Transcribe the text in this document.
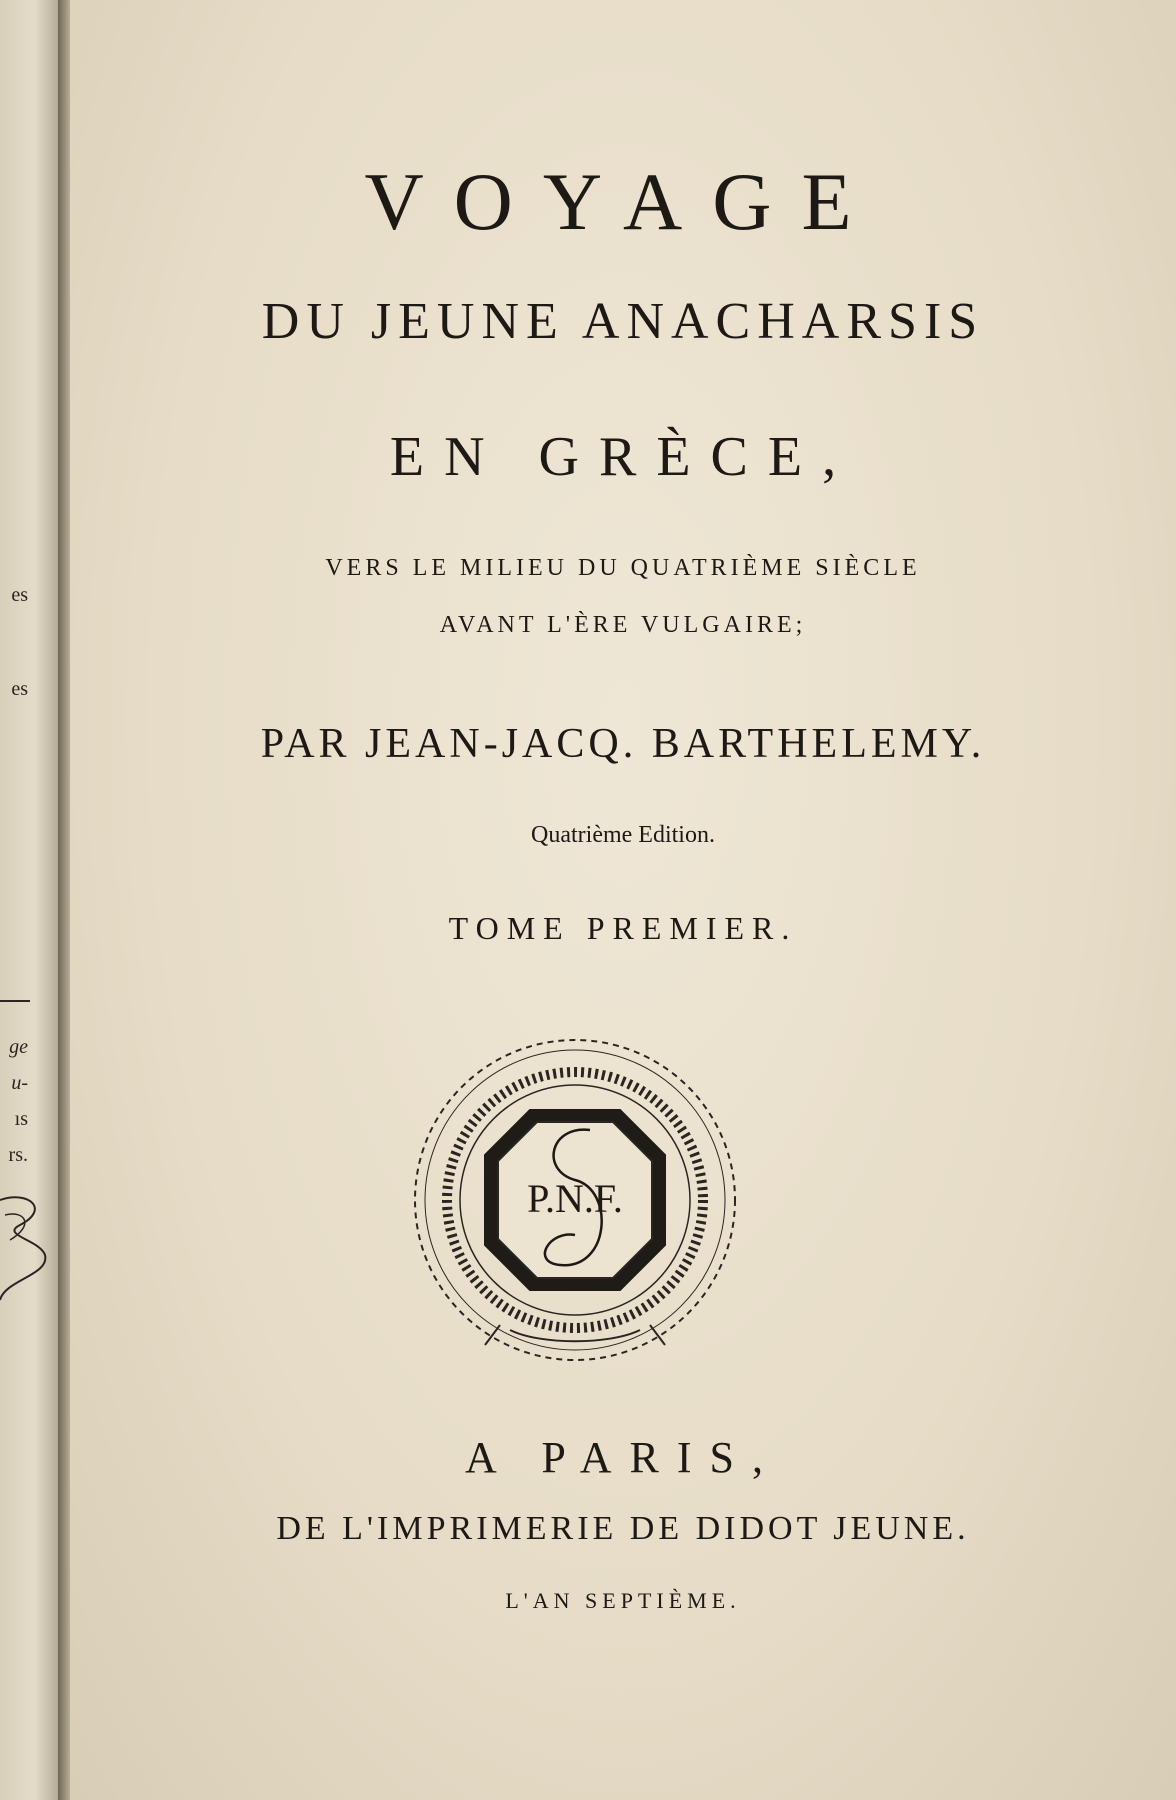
es
es
ge
u-
ıs
rs.
VOYAGE
DU JEUNE ANACHARSIS
EN GRÈCE,
VERS LE MILIEU DU QUATRIÈME SIÈCLE
AVANT L'ÈRE VULGAIRE;
PAR JEAN-JACQ. BARTHELEMY.
Quatrième Edition.
TOME PREMIER.
P.N.F.
A PARIS,
DE L'IMPRIMERIE DE DIDOT JEUNE.
L'AN SEPTIÈME.
